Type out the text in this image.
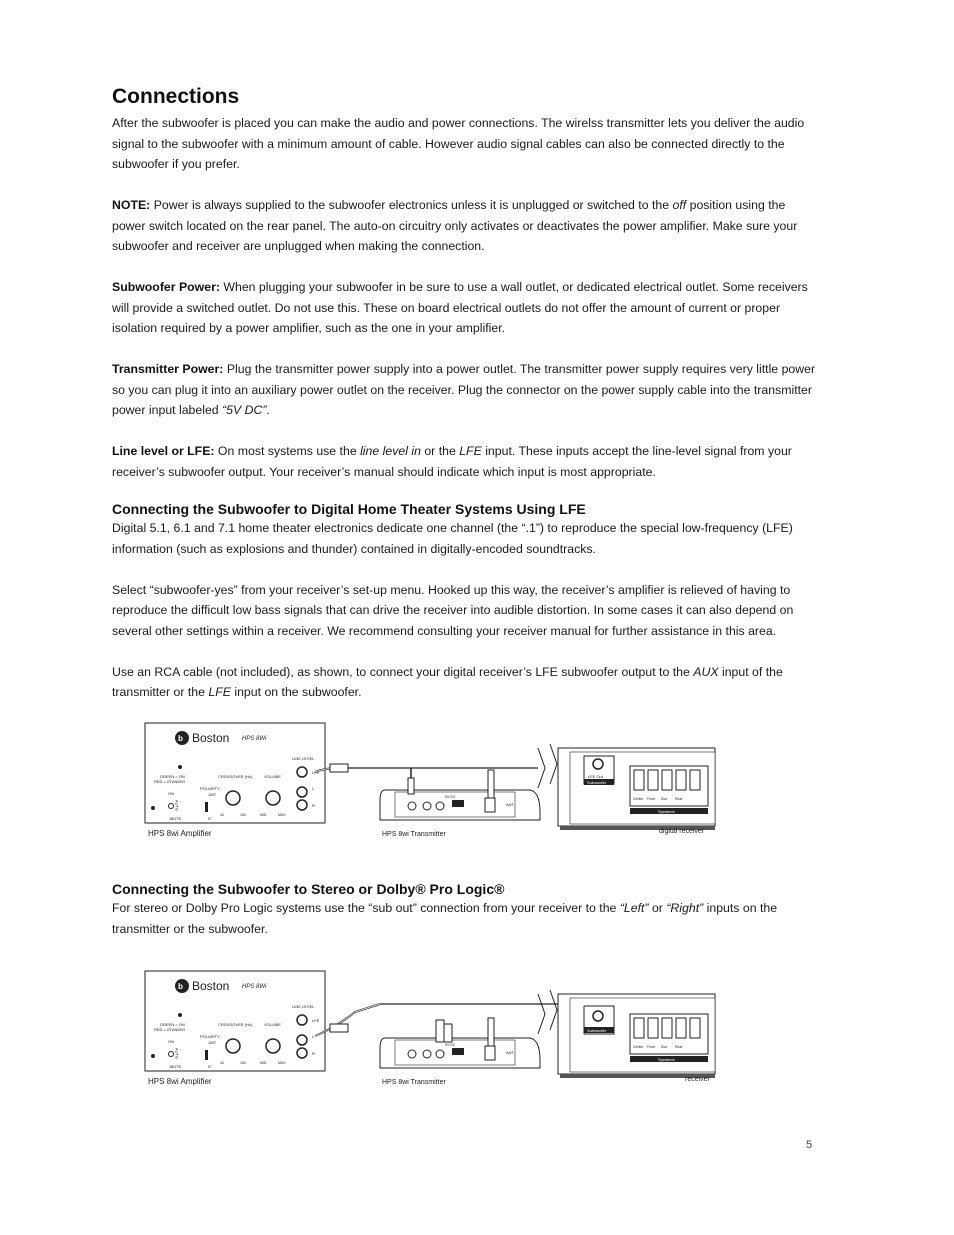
Connections

After the subwoofer is placed you can make the audio and power connections. The wirelss transmitter lets you deliver the audio signal to the subwoofer with a minimum amount of cable. However audio signal cables can also be connected directly to the subwoofer if you prefer.

NOTE: Power is always supplied to the subwoofer electronics unless it is unplugged or switched to the off position using the power switch located on the rear panel. The auto-on circuitry only activates or deactivates the power amplifier. Make sure your subwoofer and receiver are unplugged when making the connection.

Subwoofer Power: When plugging your subwoofer in be sure to use a wall outlet, or dedicated electrical outlet. Some receivers will provide a switched outlet. Do not use this. These on board electrical outlets do not offer the amount of current or proper isolation required by a power amplifier, such as the one in your amplifier.

Transmitter Power: Plug the transmitter power supply into a power outlet. The transmitter power supply requires very little power so you can plug it into an auxiliary power outlet on the receiver. Plug the connector on the power supply cable into the transmitter power input labeled “5V DC”.

Line level or LFE: On most systems use the line level in or the LFE input. These inputs accept the line-level signal from your receiver’s subwoofer output. Your receiver’s manual should indicate which input is most appropriate.

Connecting the Subwoofer to Digital Home Theater Systems Using LFE

Digital 5.1, 6.1 and 7.1 home theater electronics dedicate one channel (the “.1”) to reproduce the special low-frequency (LFE) information (such as explosions and thunder) contained in digitally-encoded soundtracks.

Select “subwoofer-yes” from your receiver’s set-up menu. Hooked up this way, the receiver’s amplifier is relieved of having to reproduce the difficult low bass signals that can drive the receiver into audible distortion. In some cases it can also depend on several other settings within a receiver. We recommend consulting your receiver manual for further assistance in this area.

Use an RCA cable (not included), as shown, to connect your digital receiver’s LFE subwoofer output to the AUX input of the transmitter or the LFE input on the subwoofer.

Connecting the Subwoofer to Stereo or Dolby® Pro Logic®

For stereo or Dolby Pro Logic systems use the “sub out” connection from your receiver to the “Left” or “Right” inputs on the transmitter or the subwoofer.

b Boston HPS 8Wi
GREEN = ON
RED = STANDBY
ON
MUTE
AUTO
POLARITY
180°
0°
CROSSOVER (Hz)
40	160
VOLUME
MIN	MAX
LINE LEVEL
LFE
L
R
HPS 8wi Amplifier
ANT
5V DC
HPS 8wi Transmitter
LFE Out
Subwoofer
Center Front Surr Rear
Speakers
digital receiver
b Boston HPS 8Wi
GREEN = ON
RED = STANDBY
ON
MUTE
AUTO
POLARITY
180°
0°
CROSSOVER (Hz)
40	160
VOLUME
MIN	MAX
LINE LEVEL
LFE
L
R
HPS 8wi Amplifier
ANT
5V DC
HPS 8wi Transmitter
Subwoofer
Center Front Surr Rear
Speakers
receiver
5
